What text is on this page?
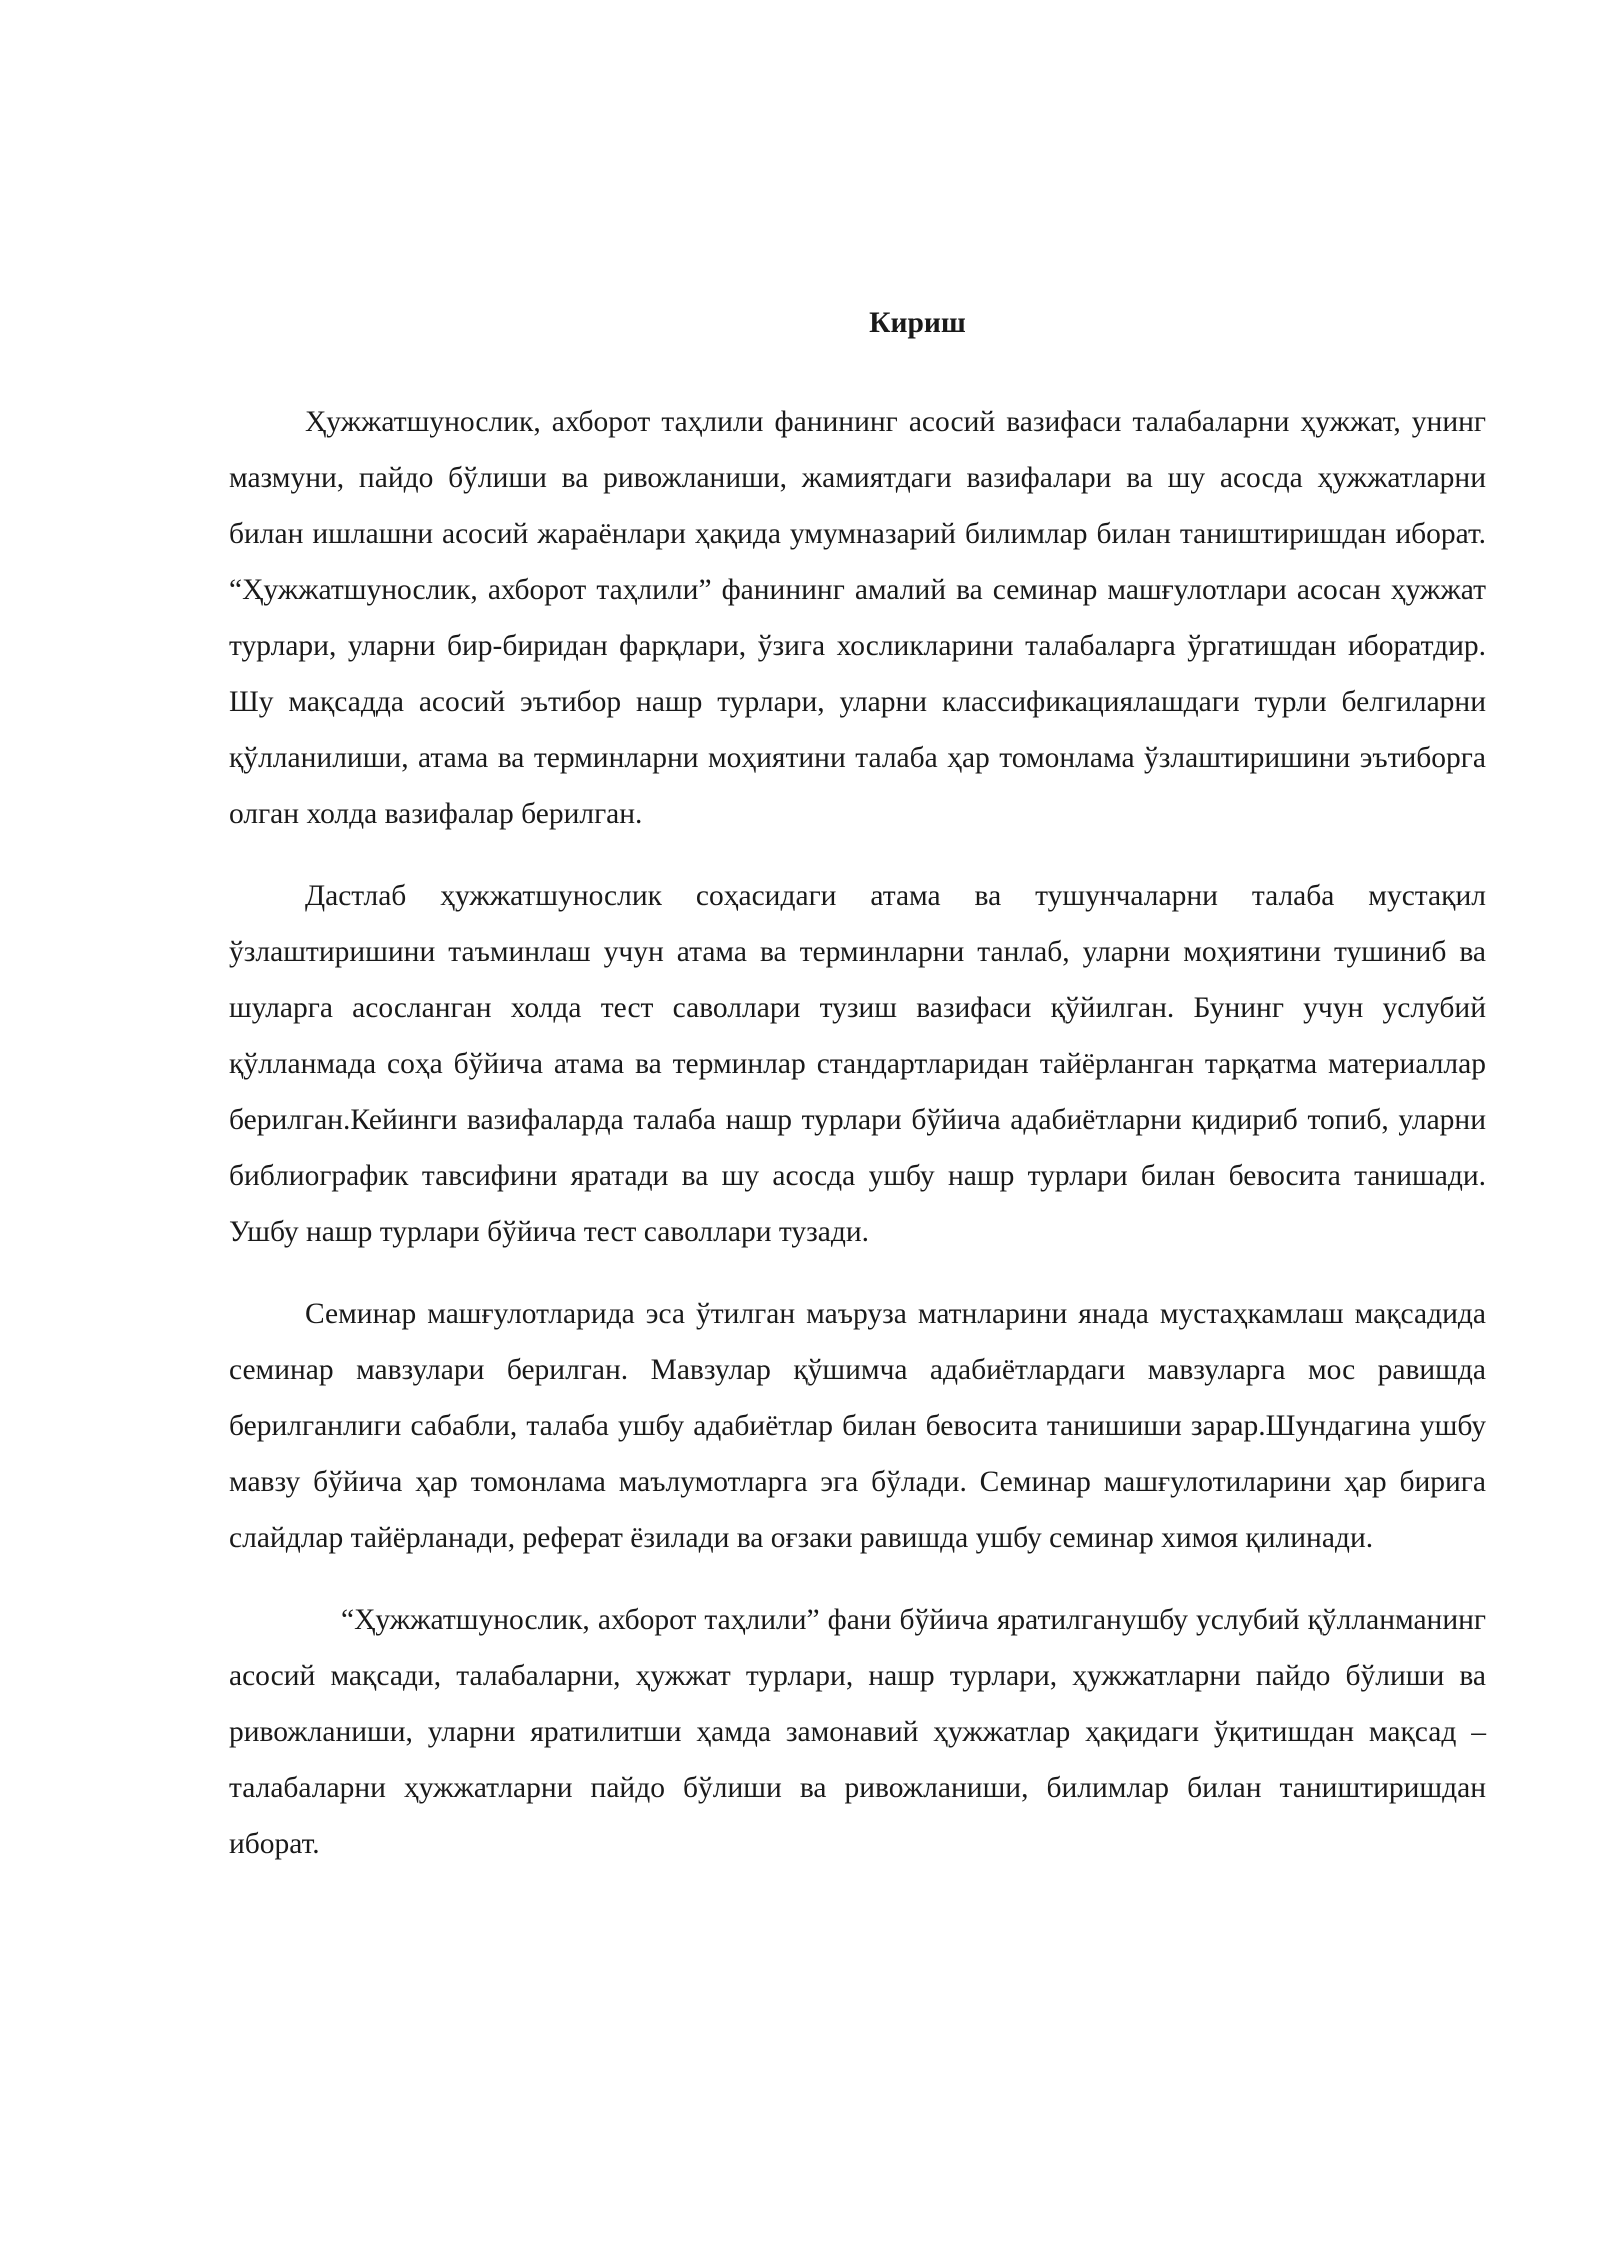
Кириш

Ҳужжатшунослик, ахборот таҳлили фанининг асосий вазифаси талабаларни ҳужжат, унинг мазмуни, пайдо бўлиши ва ривожланиши, жамиятдаги вазифалари ва шу асосда ҳужжатларни билан ишлашни асосий жараёнлари ҳақида умумназарий билимлар билан таништиришдан иборат. “Ҳужжатшунослик, ахборот таҳлили” фанининг амалий ва семинар машғулотлари асосан ҳужжат турлари, уларни бир-биридан фарқлари, ўзига хосликларини талабаларга ўргатишдан иборатдир. Шу мақсадда асосий эътибор нашр турлари, уларни классификациялашдаги турли белгиларни қўлланилиши, атама ва терминларни моҳиятини талаба ҳар томонлама ўзлаштиришини эътиборга олган холда вазифалар берилган.

Дастлаб ҳужжатшунослик соҳасидаги атама ва тушунчаларни талаба мустақил ўзлаштиришини таъминлаш учун атама ва терминларни танлаб, уларни моҳиятини тушиниб ва шуларга асосланган холда тест саволлари тузиш вазифаси қўйилган. Бунинг учун услубий қўлланмада соҳа бўйича атама ва терминлар стандартларидан тайёрланган тарқатма материаллар берилган.Кейинги вазифаларда талаба нашр турлари бўйича адабиётларни қидириб топиб, уларни библиографик тавсифини яратади ва шу асосда ушбу нашр турлари билан бевосита танишади. Ушбу нашр турлари бўйича тест саволлари тузади.

Семинар машғулотларида эса ўтилган маъруза матнларини янада мустаҳкамлаш мақсадида семинар мавзулари берилган. Мавзулар қўшимча адабиётлардаги мавзуларга мос равишда берилганлиги сабабли, талаба ушбу адабиётлар билан бевосита танишиши зарар.Шундагина ушбу мавзу бўйича ҳар томонлама маълумотларга эга бўлади. Семинар машғулотиларини ҳар бирига слайдлар тайёрланади, реферат ёзилади ва оғзаки равишда ушбу семинар химоя қилинади.

“Ҳужжатшунослик, ахборот таҳлили” фани бўйича яратилганушбу услубий қўлланманинг асосий мақсади, талабаларни, ҳужжат турлари, нашр турлари, ҳужжатларни пайдо бўлиши ва ривожланиши, уларни яратилитши ҳамда замонавий ҳужжатлар ҳақидаги ўқитишдан мақсад – талабаларни ҳужжатларни пайдо бўлиши ва ривожланиши, билимлар билан таништиришдан иборат.
